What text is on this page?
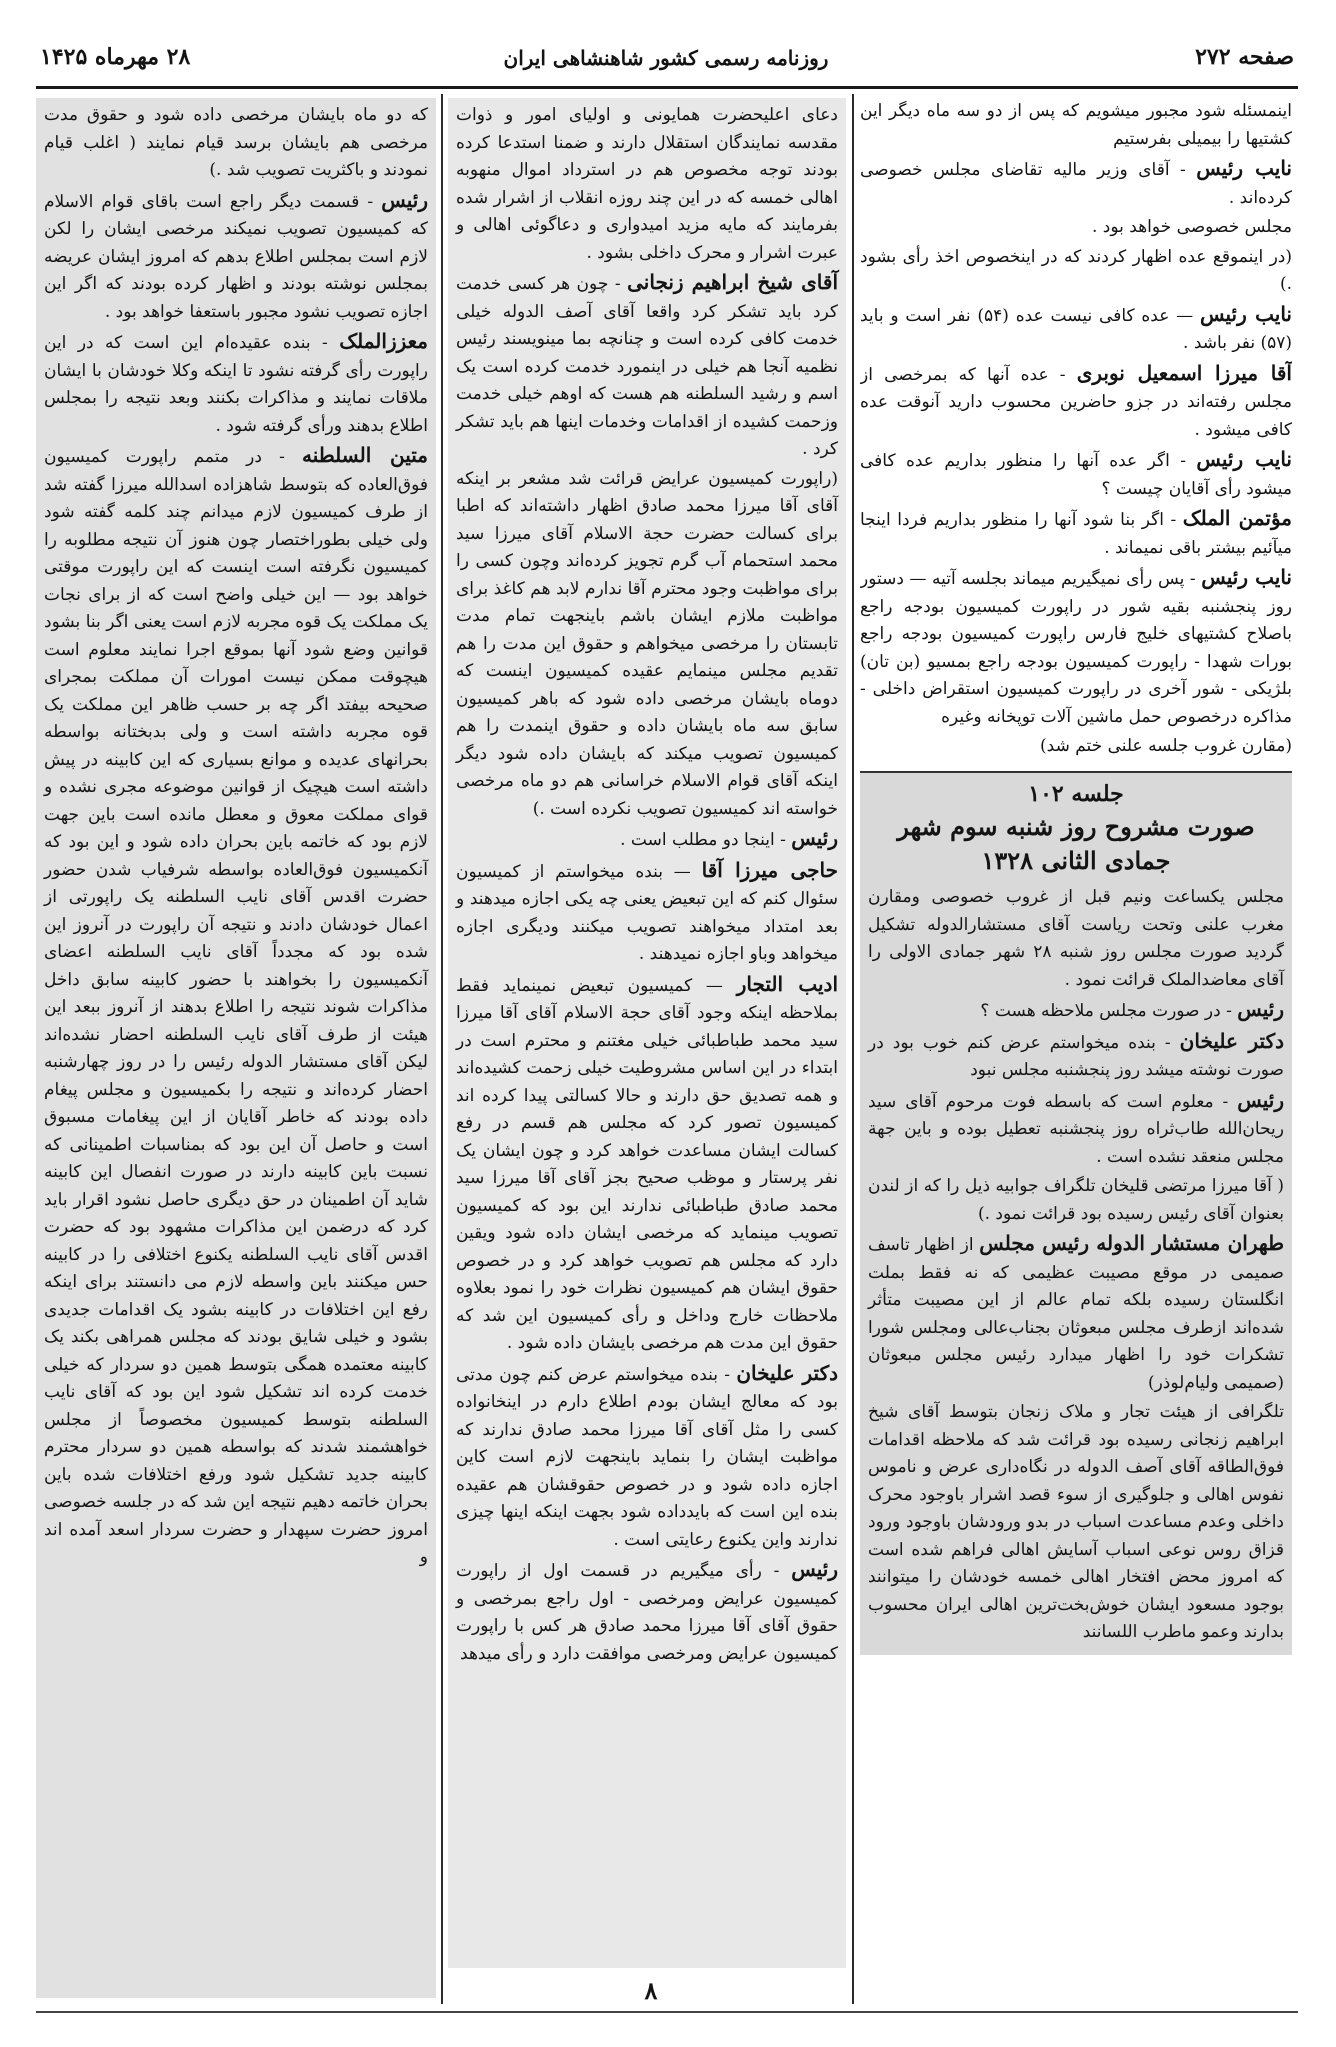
۲۸ مهرماه ۱۴۲۵	روزنامه رسمی کشور شاهنشاهی ایران	صفحه ۲۷۲

اینمسئله شود مجبور میشویم که پس از دو سه ماه دیگر این کشتیها را بیمیلی بفرستیم

نایب رئیس - آقای وزیر مالیه تقاضای مجلس خصوصی کرده‌اند .

مجلس خصوصی خواهد بود .

(در اینموقع عده اظهار کردند که در اینخصوص اخذ رأی بشود .)

نایب رئیس — عده کافی نیست عده (۵۴) نفر است و باید (۵۷) نفر باشد .

آقا میرزا اسمعیل نوبری - عده آنها که بمرخصی از مجلس رفته‌اند در جزو حاضرین محسوب دارید آنوقت عده کافی میشود .

نایب رئیس - اگر عده آنها را منظور بداریم عده کافی میشود رأی آقایان چیست ؟

مؤتمن الملک - اگر بنا شود آنها را منظور بداریم فردا اینجا میآئیم بیشتر باقی نمیماند .

نایب رئیس - پس رأی نمیگیریم میماند بجلسه آتیه — دستور روز پنجشنبه بقیه شور در راپورت کمیسیون بودجه راجع باصلاح کشتیهای خلیج فارس راپورت کمیسیون بودجه راجع بورات شهدا - راپورت کمیسیون بودجه راجع بمسیو (بن تان) بلژیکی - شور آخری در راپورت کمیسیون استقراض داخلی - مذاکره درخصوص حمل ماشین آلات توپخانه وغیره

(مقارن غروب جلسه علنی ختم شد)

جلسه ۱۰۲
صورت مشروح روز شنبه سوم شهر جمادی الثانی ۱۳۲۸

مجلس یکساعت ونیم قبل از غروب خصوصی ومقارن مغرب علنی وتحت ریاست آقای مستشارالدوله تشکیل گردید صورت مجلس روز شنبه ۲۸ شهر جمادی الاولی را آقای معاضدالملک قرائت نمود .

رئیس - در صورت مجلس ملاحظه هست ؟

دکتر علیخان - بنده میخواستم عرض کنم خوب بود در صورت نوشته میشد روز پنجشنبه مجلس نبود

رئیس - معلوم است که باسطه فوت مرحوم آقای سید ریحان‌الله طاب‌ثراه روز پنجشنبه تعطیل بوده و باین جهة مجلس منعقد نشده است .

( آقا میرزا مرتضی قلیخان تلگراف جوابیه ذیل را که از لندن بعنوان آقای رئیس رسیده بود قرائت نمود .)

طهران مستشار الدوله رئیس مجلس از اظهار تاسف صمیمی در موقع مصیبت عظیمی که نه فقط بملت انگلستان رسیده بلکه تمام عالم از این مصیبت متأثر شده‌اند ازطرف مجلس مبعوثان بجناب‌عالی ومجلس شورا تشکرات خود را اظهار میدارد رئیس مجلس مبعوثان (صمیمی ولیام‌لوذر)

تلگرافی از هیئت تجار و ملاک زنجان بتوسط آقای شیخ ابراهیم زنجانی رسیده بود قرائت شد که ملاحظه اقدامات فوق‌الطاقه آقای آصف الدوله در نگاه‌داری عرض و ناموس نفوس اهالی و جلوگیری از سوء قصد اشرار باوجود محرک داخلی وعدم مساعدت اسباب در بدو ورودشان باوجود ورود قزاق روس نوعی اسباب آسایش اهالی فراهم شده است که امروز محض افتخار اهالی خمسه خودشان را میتوانند بوجود مسعود ایشان خوش‌بخت‌ترین اهالی ایران محسوب بدارند وعمو ماطرب اللسانند

دعای اعلیحضرت همایونی و اولیای امور و ذوات مقدسه نمایندگان استقلال دارند و ضمنا استدعا کرده بودند توجه مخصوص هم در استرداد اموال منهوبه اهالی خمسه که در این چند روزه انقلاب از اشرار شده بفرمایند که مایه مزید امیدواری و دعاگوئی اهالی و عبرت اشرار و محرک داخلی بشود .

آقای شیخ ابراهیم زنجانی - چون هر کسی خدمت کرد باید تشکر کرد واقعا آقای آصف الدوله خیلی خدمت کافی کرده است و چنانچه بما مینویسند رئیس نظمیه آنجا هم خیلی در اینمورد خدمت کرده است یک اسم و رشید السلطنه هم هست که اوهم خیلی خدمت وزحمت کشیده از اقدامات وخدمات اینها هم باید تشکر کرد .

(راپورت کمیسیون عرایض قرائت شد مشعر بر اینکه آقای آقا میرزا محمد صادق اظهار داشته‌اند که اطبا برای کسالت حضرت حجة الاسلام آقای میرزا سید محمد استحمام آب گرم تجویز کرده‌اند وچون کسی را برای مواظبت وجود محترم آقا ندارم لابد هم کاغذ برای مواظبت ملازم ایشان باشم باینجهت تمام مدت تابستان را مرخصی میخواهم و حقوق این مدت را هم تقدیم مجلس مینمایم عقیده کمیسیون اینست که دوماه بایشان مرخصی داده شود که باهر کمیسیون سابق سه ماه بایشان داده و حقوق اینمدت را هم کمیسیون تصویب میکند که بایشان داده شود دیگر اینکه آقای قوام الاسلام خراسانی هم دو ماه مرخصی خواسته اند کمیسیون تصویب نکرده است .)

رئیس - اینجا دو مطلب است .

حاجی میرزا آقا — بنده میخواستم از کمیسیون سئوال کنم که این تبعیض یعنی چه یکی اجازه میدهند و بعد امتداد میخواهند تصویب میکنند ودیگری اجازه میخواهد وباو اجازه نمیدهند .

ادیب التجار — کمیسیون تبعیض نمینماید فقط بملاحظه اینکه وجود آقای حجة الاسلام آقای آقا میرزا سید محمد طباطبائی خیلی مغتنم و محترم است در ابتداء در این اساس مشروطیت خیلی زحمت کشیده‌اند و همه تصدیق حق دارند و حالا کسالتی پیدا کرده اند کمیسیون تصور کرد که مجلس هم قسم در رفع کسالت ایشان مساعدت خواهد کرد و چون ایشان یک نفر پرستار و موظب صحیح بجز آقای آقا میرزا سید محمد صادق طباطبائی ندارند این بود که کمیسیون تصویب مینماید که مرخصی ایشان داده شود ویقین دارد که مجلس هم تصویب خواهد کرد و در خصوص حقوق ایشان هم کمیسیون نظرات خود را نمود بعلاوه ملاحظات خارج وداخل و رأی کمیسیون این شد که حقوق این مدت هم مرخصی بایشان داده شود .

دکتر علیخان - بنده میخواستم عرض کنم چون مدتی بود که معالج ایشان بودم اطلاع دارم در اینخانواده کسی را مثل آقای آقا میرزا محمد صادق ندارند که مواظبت ایشان را بنماید باینجهت لازم است کاین اجازه داده شود و در خصوص حقوقشان هم عقیده بنده این است که بایدداده شود بجهت اینکه اینها چیزی ندارند واین یکنوع رعایتی است .

رئیس - رأی میگیریم در قسمت اول از راپورت کمیسیون عرایض ومرخصی - اول راجع بمرخصی و حقوق آقای آقا میرزا محمد صادق هر کس با راپورت کمیسیون عرایض ومرخصی موافقت دارد و رأی میدهد

که دو ماه بایشان مرخصی داده شود و حقوق مدت مرخصی هم بایشان برسد قیام نمایند ( اغلب قیام نمودند و باکثریت تصویب شد .)

رئیس - قسمت دیگر راجع است باقای قوام الاسلام که کمیسیون تصویب نمیکند مرخصی ایشان را لکن لازم است بمجلس اطلاع بدهم که امروز ایشان عریضه بمجلس نوشته بودند و اظهار کرده بودند که اگر این اجازه تصویب نشود مجبور باستعفا خواهد بود .

معززالملک - بنده عقیده‌ام این است که در این راپورت رأی گرفته نشود تا اینکه وکلا خودشان با ایشان ملاقات نمایند و مذاکرات بکنند وبعد نتیجه را بمجلس اطلاع بدهند ورأی گرفته شود .

متین السلطنه - در متمم راپورت کمیسیون فوق‌العاده که بتوسط شاهزاده اسدالله میرزا گفته شد از طرف کمیسیون لازم میدانم چند کلمه گفته شود ولی خیلی بطوراختصار چون هنوز آن نتیجه مطلوبه را کمیسیون نگرفته است اینست که این راپورت موقتی خواهد بود — این خیلی واضح است که از برای نجات یک مملکت یک قوه مجربه لازم است یعنی اگر بنا بشود قوانین وضع شود آنها بموقع اجرا نمایند معلوم است هیچوقت ممکن نیست امورات آن مملکت بمجرای صحیحه بیفتد اگر چه بر حسب ظاهر این مملکت یک قوه مجربه داشته است و ولی بدبختانه بواسطه بحرانهای عدیده و موانع بسیاری که این کابینه در پیش داشته است هیچیک از قوانین موضوعه مجری نشده و قوای مملکت معوق و معطل مانده است باین جهت لازم بود که خاتمه باین بحران داده شود و این بود که آنکمیسیون فوق‌العاده بواسطه شرفیاب شدن حضور حضرت اقدس آقای نایب السلطنه یک راپورتی از اعمال خودشان دادند و نتیجه آن راپورت در آنروز این شده بود که مجدداً آقای نایب السلطنه اعضای آنکمیسیون را بخواهند با حضور کابینه سابق داخل مذاکرات شوند نتیجه را اطلاع بدهند از آنروز ببعد این هیئت از طرف آقای نایب السلطنه احضار نشده‌اند لیکن آقای مستشار الدوله رئیس را در روز چهارشنبه احضار کرده‌اند و نتیجه را بکمیسیون و مجلس پیغام داده بودند که خاطر آقایان از این پیغامات مسبوق است و حاصل آن این بود که بمناسبات اطمینانی که نسبت باین کابینه دارند در صورت انفصال این کابینه شاید آن اطمینان در حق دیگری حاصل نشود اقرار باید کرد که درضمن این مذاکرات مشهود بود که حضرت اقدس آقای نایب السلطنه یکنوع اختلافی را در کابینه حس میکنند باین واسطه لازم می دانستند برای اینکه رفع این اختلافات در کابینه بشود یک اقدامات جدیدی بشود و خیلی شایق بودند که مجلس همراهی بکند یک کابینه معتمده همگی بتوسط همین دو سردار که خیلی خدمت کرده اند تشکیل شود این بود که آقای نایب السلطنه بتوسط کمیسیون مخصوصاً از مجلس خواهشمند شدند که بواسطه همین دو سردار محترم کابینه جدید تشکیل شود ورفع اختلافات شده باین بحران خاتمه دهیم نتیجه این شد که در جلسه خصوصی امروز حضرت سپهدار و حضرت سردار اسعد آمده اند و

۸
